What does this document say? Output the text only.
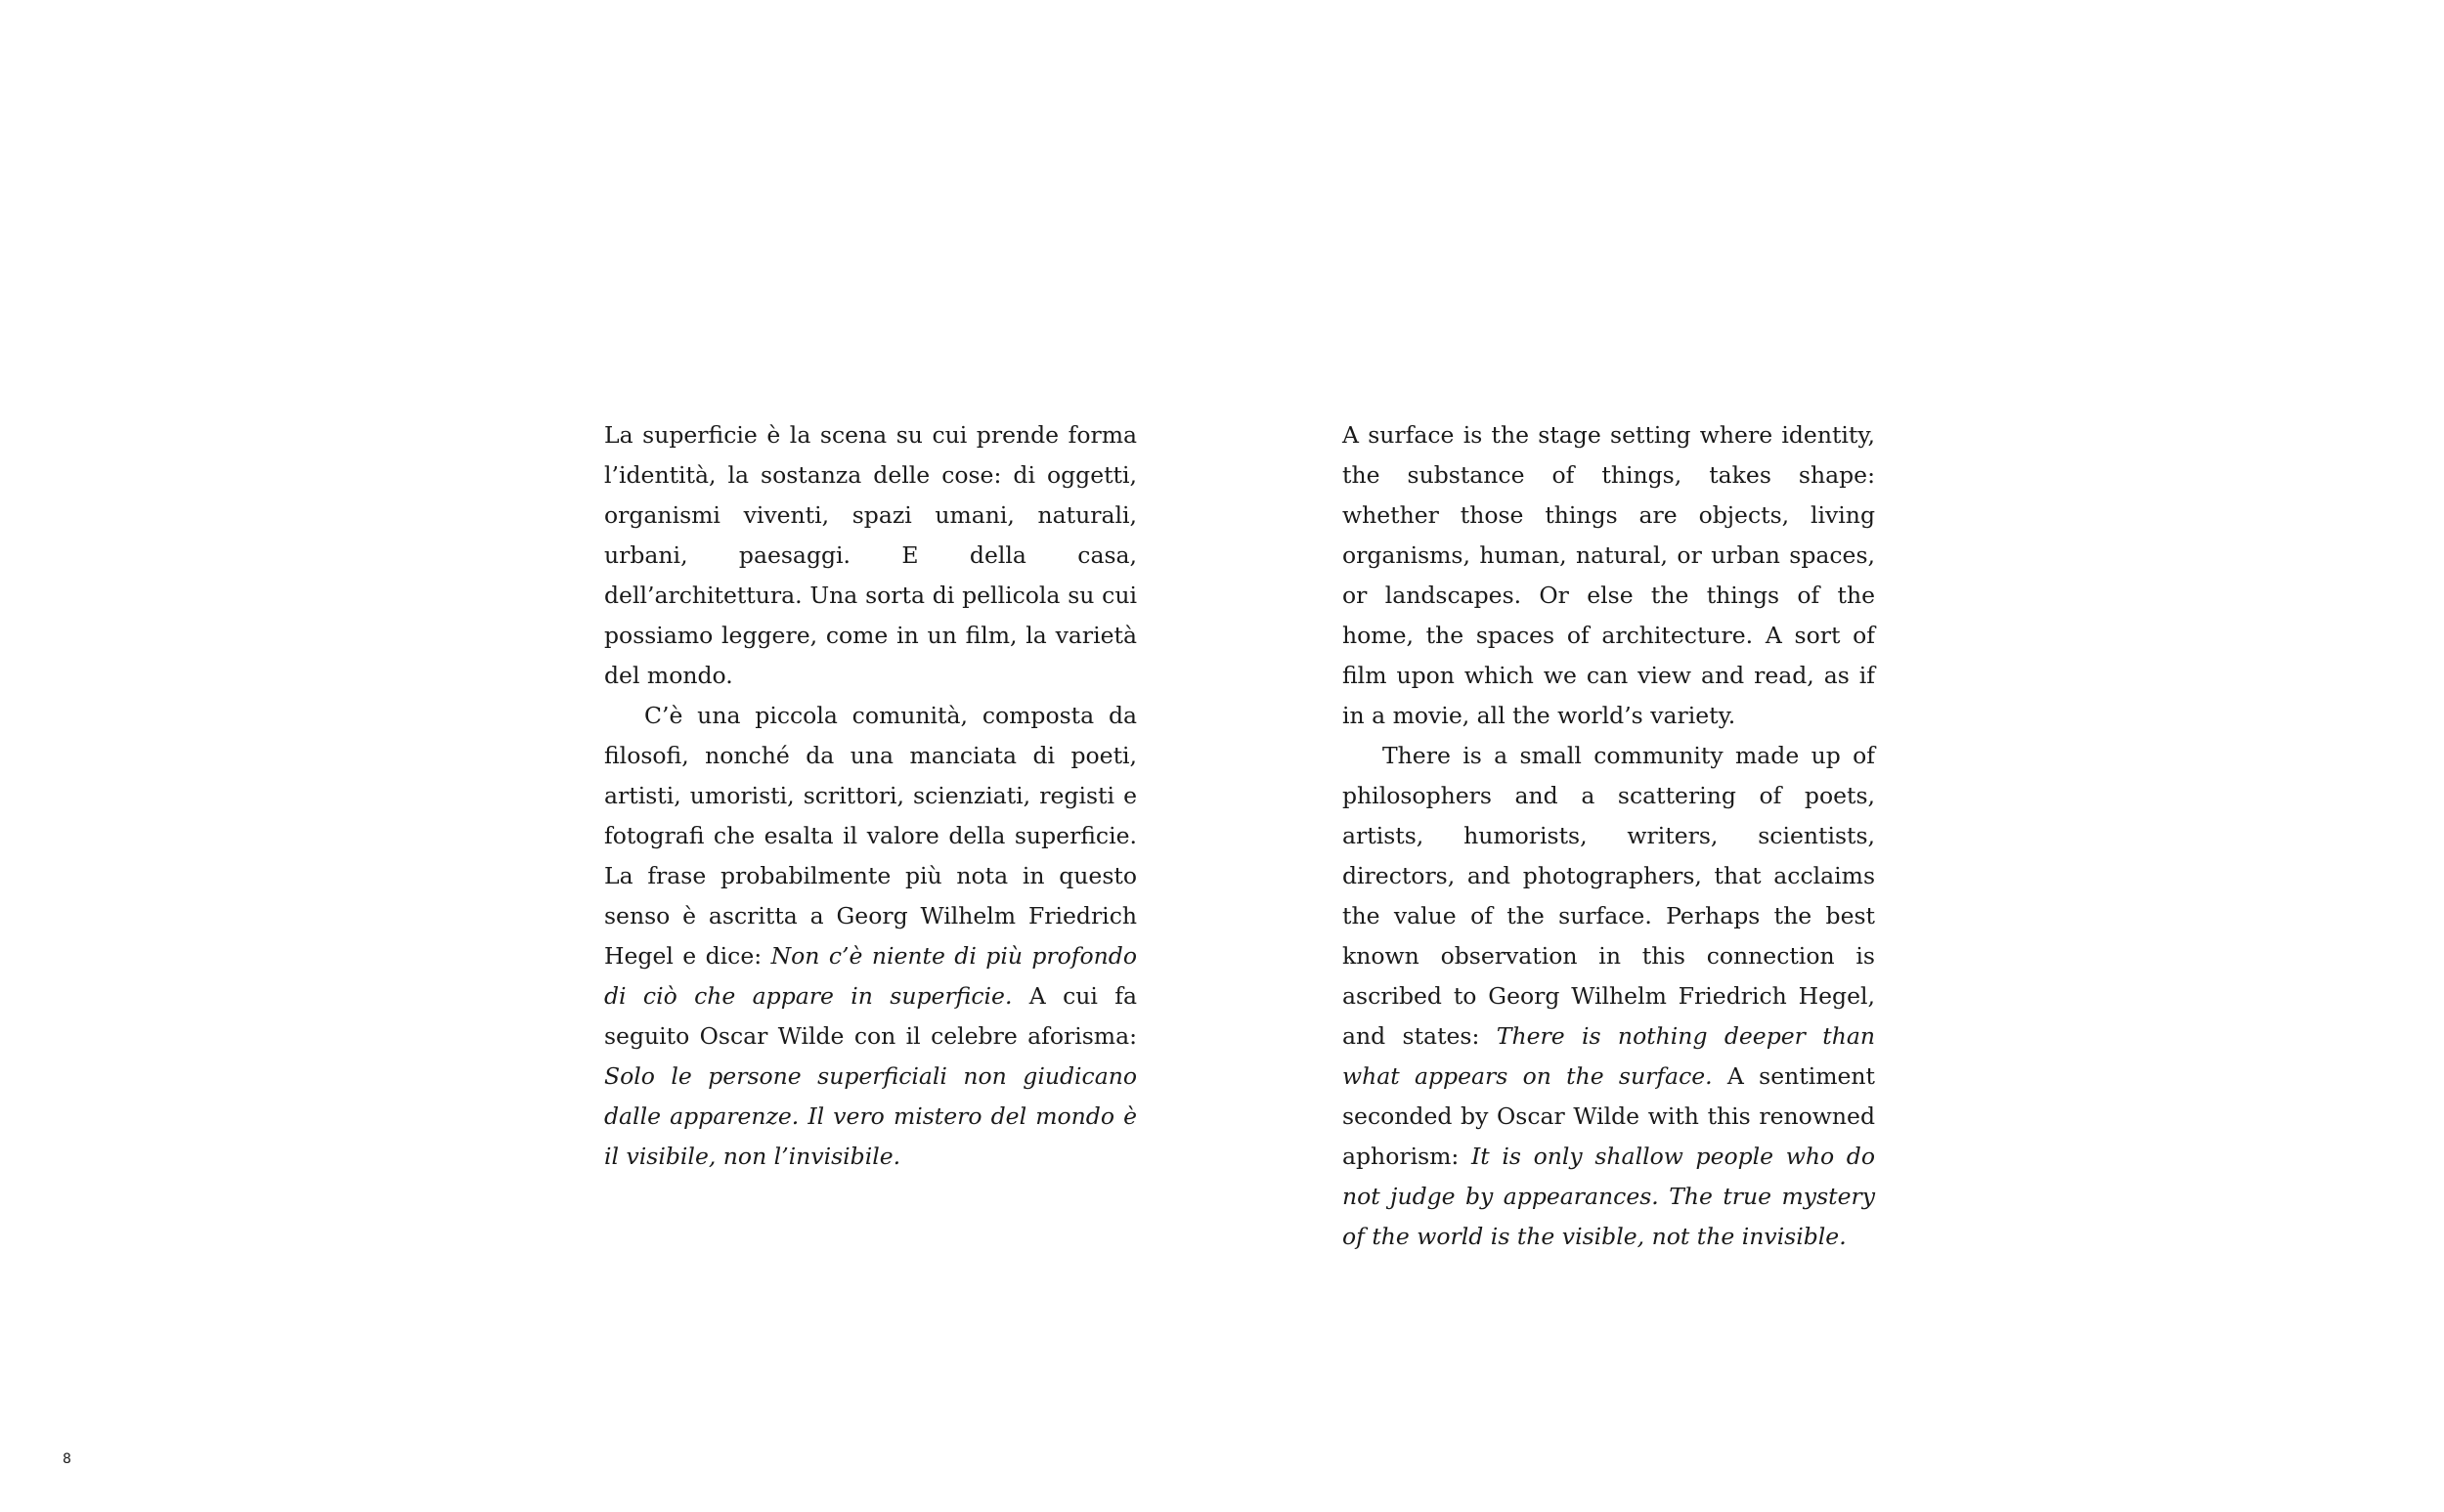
La superficie è la scena su cui prende forma l’identità, la sostanza delle cose: di oggetti, organismi viventi, spazi umani, naturali, urbani, paesaggi. E della casa, dell’architettura. Una sorta di pellicola su cui possiamo leggere, come in un film, la varietà del mondo.

C’è una piccola comunità, composta da filosofi, nonché da una manciata di poeti, artisti, umoristi, scrittori, scienziati, registi e fotografi che esalta il valore della superficie. La frase probabilmente più nota in questo senso è ascritta a Georg Wilhelm Friedrich Hegel e dice: Non c’è niente di più profondo di ciò che appare in superficie. A cui fa seguito Oscar Wilde con il celebre aforisma: Solo le persone superficiali non giudicano dalle apparenze. Il vero mistero del mondo è il visibile, non l’invisibile.

A surface is the stage setting where identity, the substance of things, takes shape: whether those things are objects, living organisms, human, natural, or urban spaces, or landscapes. Or else the things of the home, the spaces of architecture. A sort of film upon which we can view and read, as if in a movie, all the world’s variety.

There is a small community made up of philosophers and a scattering of poets, artists, humorists, writers, scientists, directors, and photographers, that acclaims the value of the surface. Perhaps the best known observation in this connection is ascribed to Georg Wilhelm Friedrich Hegel, and states: There is nothing deeper than what appears on the surface. A sentiment seconded by Oscar Wilde with this renowned aphorism: It is only shallow people who do not judge by appearances. The true mystery of the world is the visible, not the invisible.

8
